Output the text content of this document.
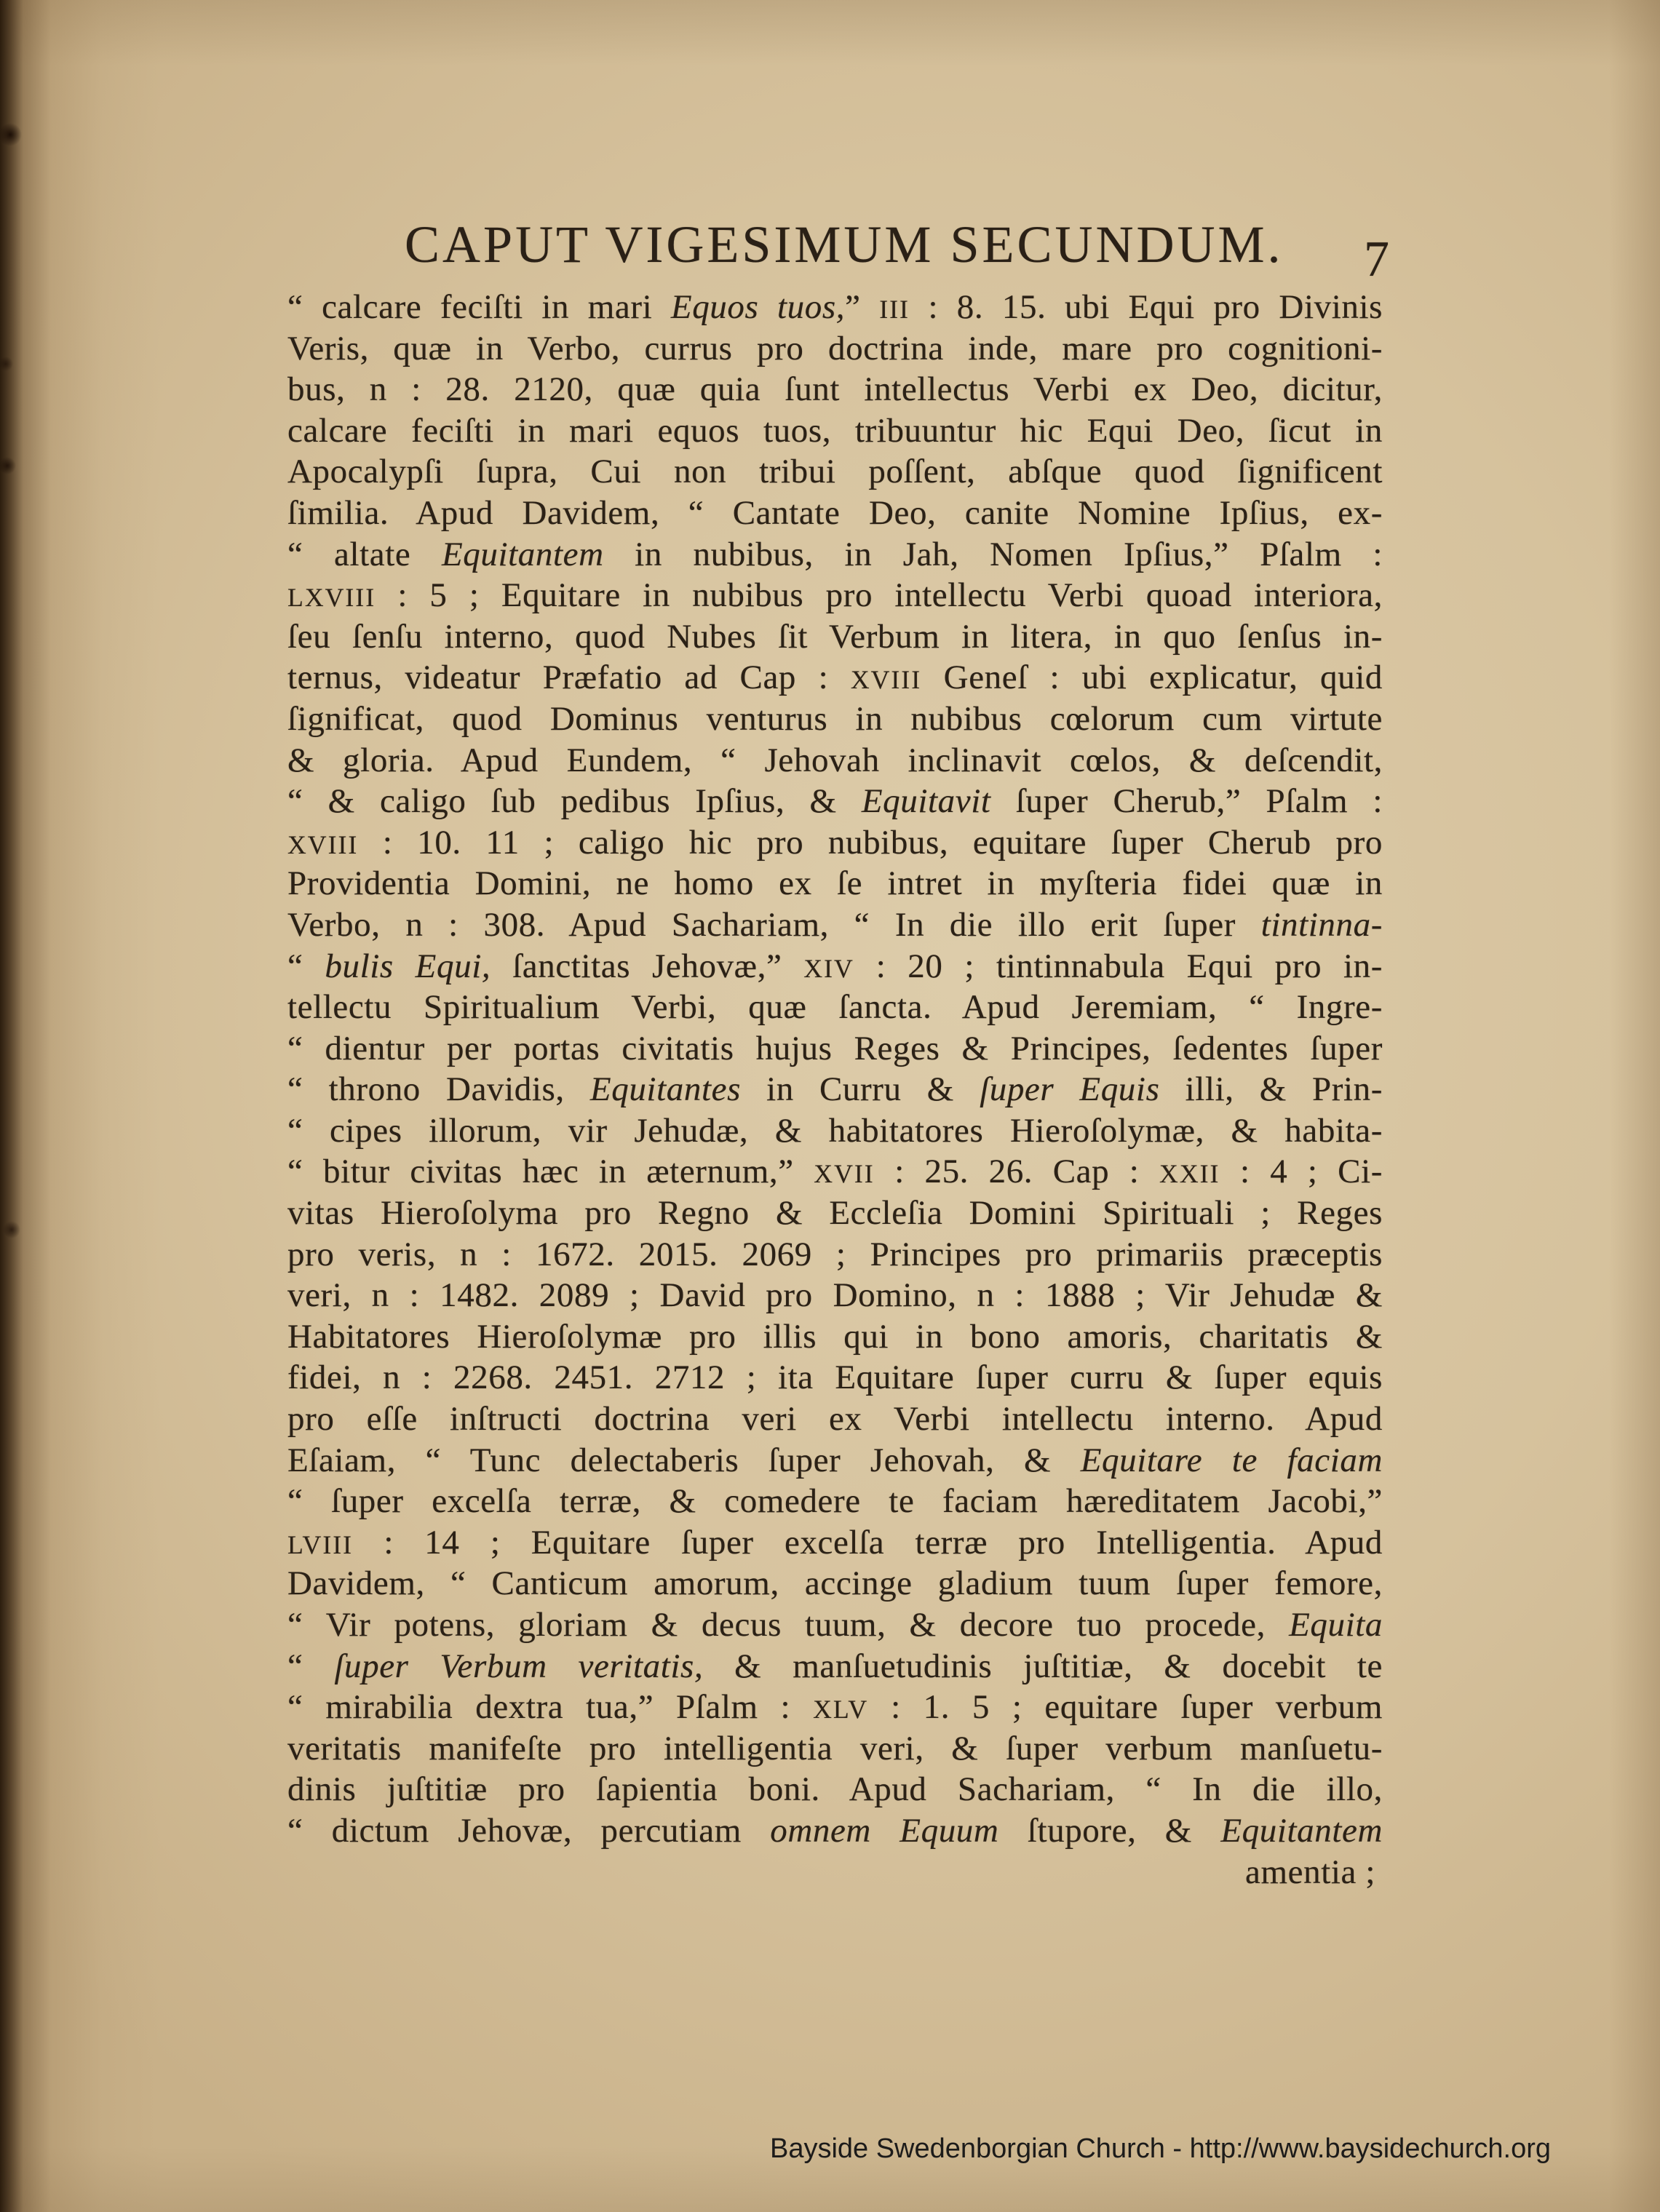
CAPUT VIGESIMUM SECUNDUM. 7
“ calcare feciſti in mari Equos tuos,” III : 8. 15. ubi Equi pro Divinis
Veris, quæ in Verbo, currus pro doctrina inde, mare pro cognitioni-
bus, n : 28. 2120, quæ quia ſunt intellectus Verbi ex Deo, dicitur,
calcare feciſti in mari equos tuos, tribuuntur hic Equi Deo, ſicut in
Apocalypſi ſupra, Cui non tribui poſſent, abſque quod ſignificent
ſimilia. Apud Davidem, “ Cantate Deo, canite Nomine Ipſius, ex-
“ altate Equitantem in nubibus, in Jah, Nomen Ipſius,” Pſalm :
LXVIII : 5 ; Equitare in nubibus pro intellectu Verbi quoad interiora,
ſeu ſenſu interno, quod Nubes ſit Verbum in litera, in quo ſenſus in-
ternus, videatur Præfatio ad Cap : XVIII Geneſ : ubi explicatur, quid
ſignificat, quod Dominus venturus in nubibus cœlorum cum virtute
& gloria. Apud Eundem, “ Jehovah inclinavit cœlos, & deſcendit,
“ & caligo ſub pedibus Ipſius, & Equitavit ſuper Cherub,” Pſalm :
XVIII : 10. 11 ; caligo hic pro nubibus, equitare ſuper Cherub pro
Providentia Domini, ne homo ex ſe intret in myſteria fidei quæ in
Verbo, n : 308. Apud Sachariam, “ In die illo erit ſuper tintinna-
“ bulis Equi, ſanctitas Jehovæ,” XIV : 20 ; tintinnabula Equi pro in-
tellectu Spiritualium Verbi, quæ ſancta. Apud Jeremiam, “ Ingre-
“ dientur per portas civitatis hujus Reges & Principes, ſedentes ſuper
“ throno Davidis, Equitantes in Curru & ſuper Equis illi, & Prin-
“ cipes illorum, vir Jehudæ, & habitatores Hieroſolymæ, & habita-
“ bitur civitas hæc in æternum,” XVII : 25. 26. Cap : XXII : 4 ; Ci-
vitas Hieroſolyma pro Regno & Eccleſia Domini Spirituali ; Reges
pro veris, n : 1672. 2015. 2069 ; Principes pro primariis præceptis
veri, n : 1482. 2089 ; David pro Domino, n : 1888 ; Vir Jehudæ &
Habitatores Hieroſolymæ pro illis qui in bono amoris, charitatis &
fidei, n : 2268. 2451. 2712 ; ita Equitare ſuper curru & ſuper equis
pro eſſe inſtructi doctrina veri ex Verbi intellectu interno. Apud
Eſaiam, “ Tunc delectaberis ſuper Jehovah, & Equitare te faciam
“ ſuper excelſa terræ, & comedere te faciam hæreditatem Jacobi,”
LVIII : 14 ; Equitare ſuper excelſa terræ pro Intelligentia. Apud
Davidem, “ Canticum amorum, accinge gladium tuum ſuper femore,
“ Vir potens, gloriam & decus tuum, & decore tuo procede, Equita
“ ſuper Verbum veritatis, & manſuetudinis juſtitiæ, & docebit te
“ mirabilia dextra tua,” Pſalm : XLV : 1. 5 ; equitare ſuper verbum
veritatis manifeſte pro intelligentia veri, & ſuper verbum manſuetu-
dinis juſtitiæ pro ſapientia boni. Apud Sachariam, “ In die illo,
“ dictum Jehovæ, percutiam omnem Equum ſtupore, & Equitantem
amentia ;
Bayside Swedenborgian Church - http://www.baysidechurch.org
